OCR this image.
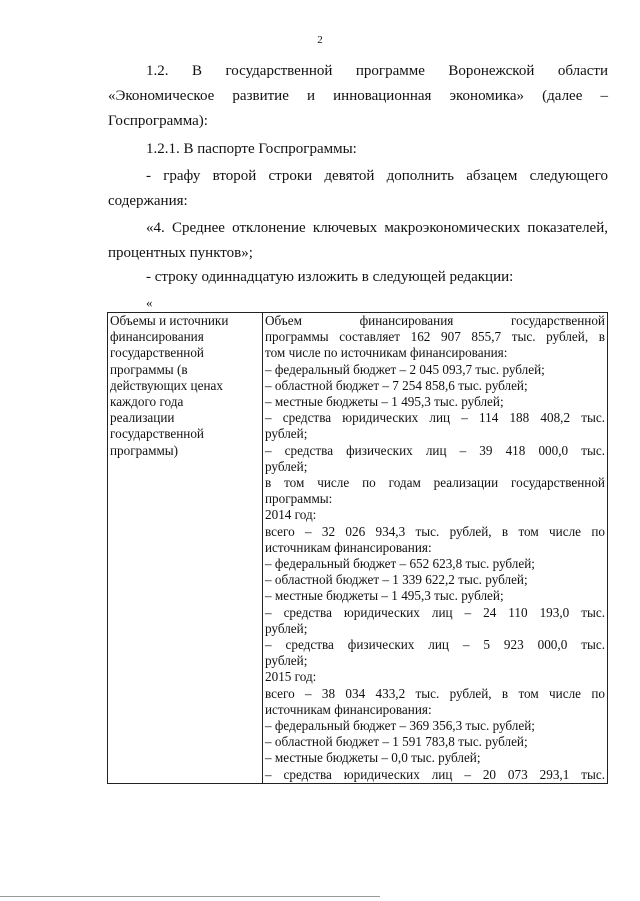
2

1.2. В государственной программе Воронежской области

«Экономическое развитие и инновационная экономика» (далее –

Госпрограмма):

1.2.1. В паспорте Госпрограммы:

- графу второй строки девятой дополнить абзацем следующего

содержания:

«4. Среднее отклонение ключевых макроэкономических показателей,

процентных пунктов»;

- строку одиннадцатую изложить в следующей редакции:

«

Объемы и источники
финансирования
государственной
программы (в
действующих ценах
каждого года
реализации
государственной
программы)

Объем финансирования государственной
программы составляет 162 907 855,7 тыс. рублей, в
том числе по источникам финансирования:
– федеральный бюджет – 2 045 093,7 тыс. рублей;
– областной бюджет – 7 254 858,6 тыс. рублей;
– местные бюджеты – 1 495,3 тыс. рублей;
– средства юридических лиц – 114 188 408,2 тыс.
рублей;
– средства физических лиц – 39 418 000,0 тыс.
рублей;
в том числе по годам реализации государственной
программы:
2014 год:
всего – 32 026 934,3 тыс. рублей, в том числе по
источникам финансирования:
– федеральный бюджет – 652 623,8 тыс. рублей;
– областной бюджет – 1 339 622,2 тыс. рублей;
– местные бюджеты – 1 495,3 тыс. рублей;
– средства юридических лиц – 24 110 193,0 тыс.
рублей;
– средства физических лиц – 5 923 000,0 тыс.
рублей;
2015 год:
всего – 38 034 433,2 тыс. рублей, в том числе по
источникам финансирования:
– федеральный бюджет – 369 356,3 тыс. рублей;
– областной бюджет – 1 591 783,8 тыс. рублей;
– местные бюджеты – 0,0 тыс. рублей;
– средства юридических лиц – 20 073 293,1 тыс.
